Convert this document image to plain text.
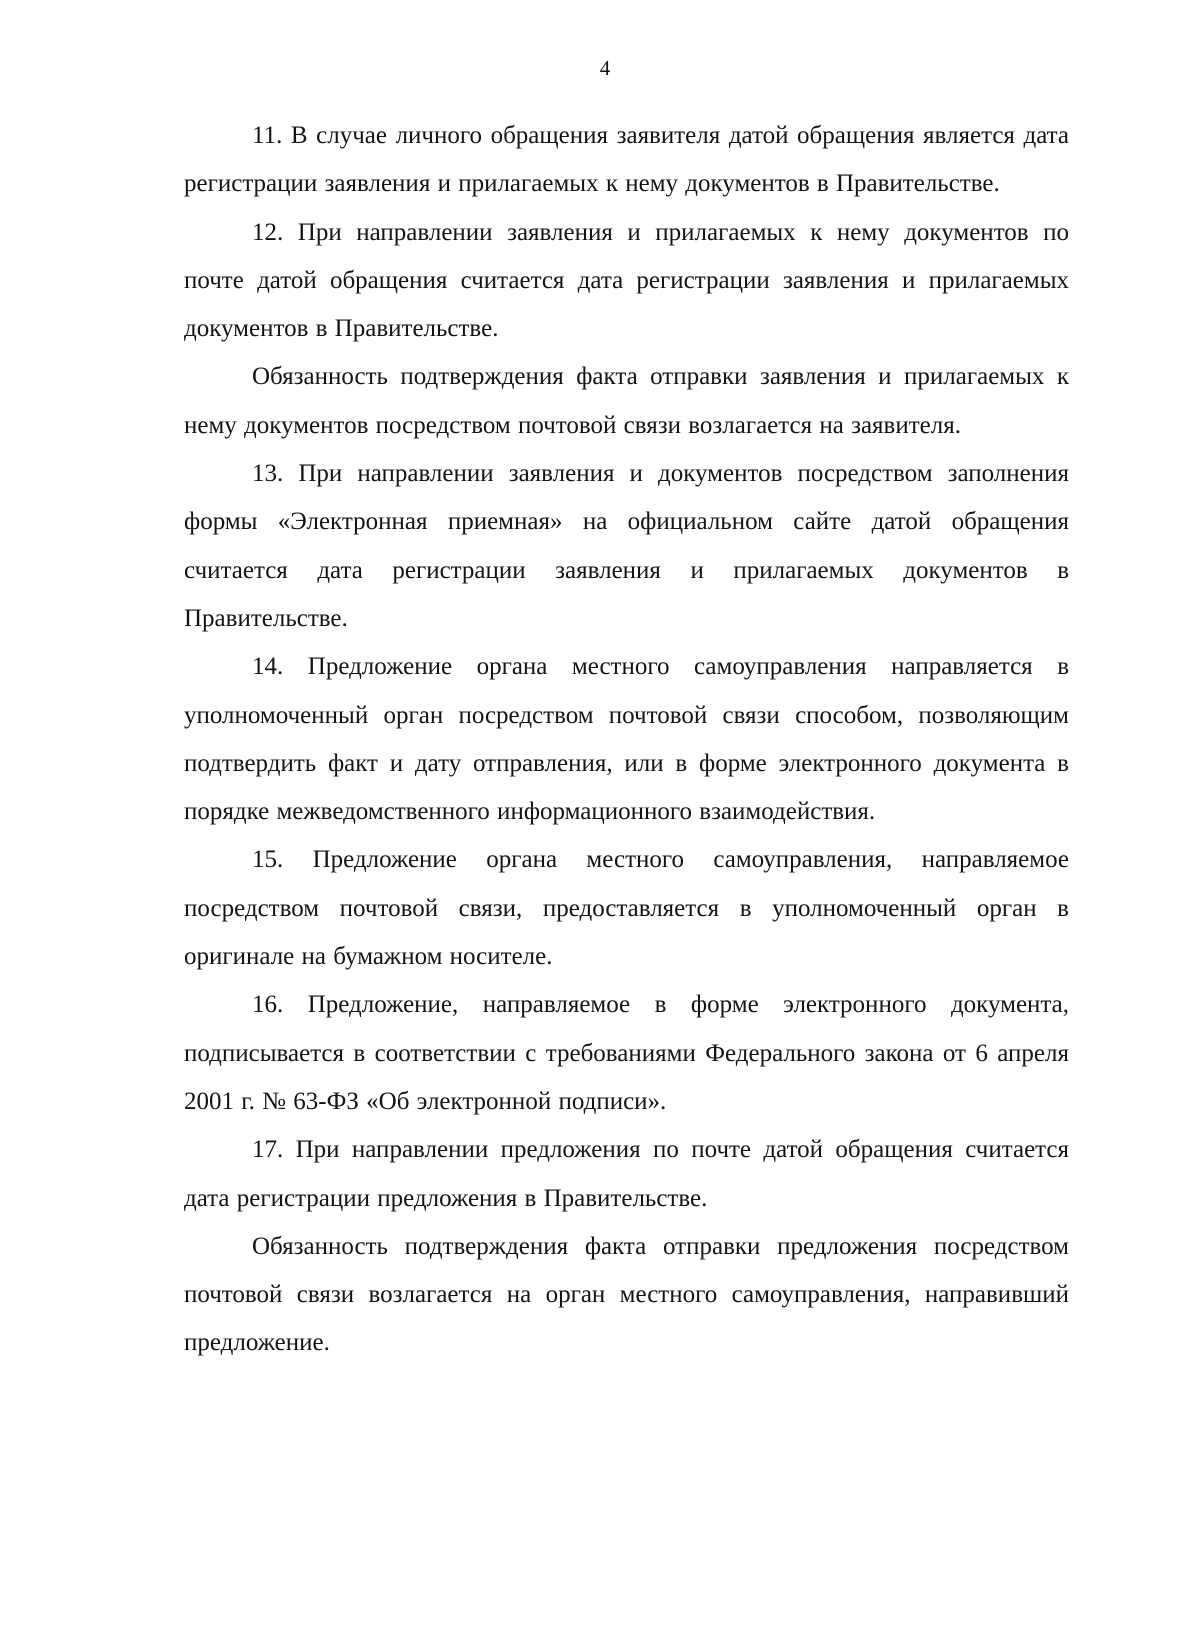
4

11. В случае личного обращения заявителя датой обращения является дата регистрации заявления и прилагаемых к нему документов в Правительстве.

12. При направлении заявления и прилагаемых к нему документов по почте датой обращения считается дата регистрации заявления и прилагаемых документов в Правительстве.

Обязанность подтверждения факта отправки заявления и прилагаемых к нему документов посредством почтовой связи возлагается на заявителя.

13. При направлении заявления и документов посредством заполнения формы «Электронная приемная» на официальном сайте датой обращения считается дата регистрации заявления и прилагаемых документов в Правительстве.

14. Предложение органа местного самоуправления направляется в уполномоченный орган посредством почтовой связи способом, позволяющим подтвердить факт и дату отправления, или в форме электронного документа в порядке межведомственного информационного взаимодействия.

15. Предложение органа местного самоуправления, направляемое посредством почтовой связи, предоставляется в уполномоченный орган в оригинале на бумажном носителе.

16. Предложение, направляемое в форме электронного документа, подписывается в соответствии с требованиями Федерального закона от 6 апреля 2001 г. № 63-ФЗ «Об электронной подписи».

17. При направлении предложения по почте датой обращения считается дата регистрации предложения в Правительстве.

Обязанность подтверждения факта отправки предложения посредством почтовой связи возлагается на орган местного самоуправления, направивший предложение.
